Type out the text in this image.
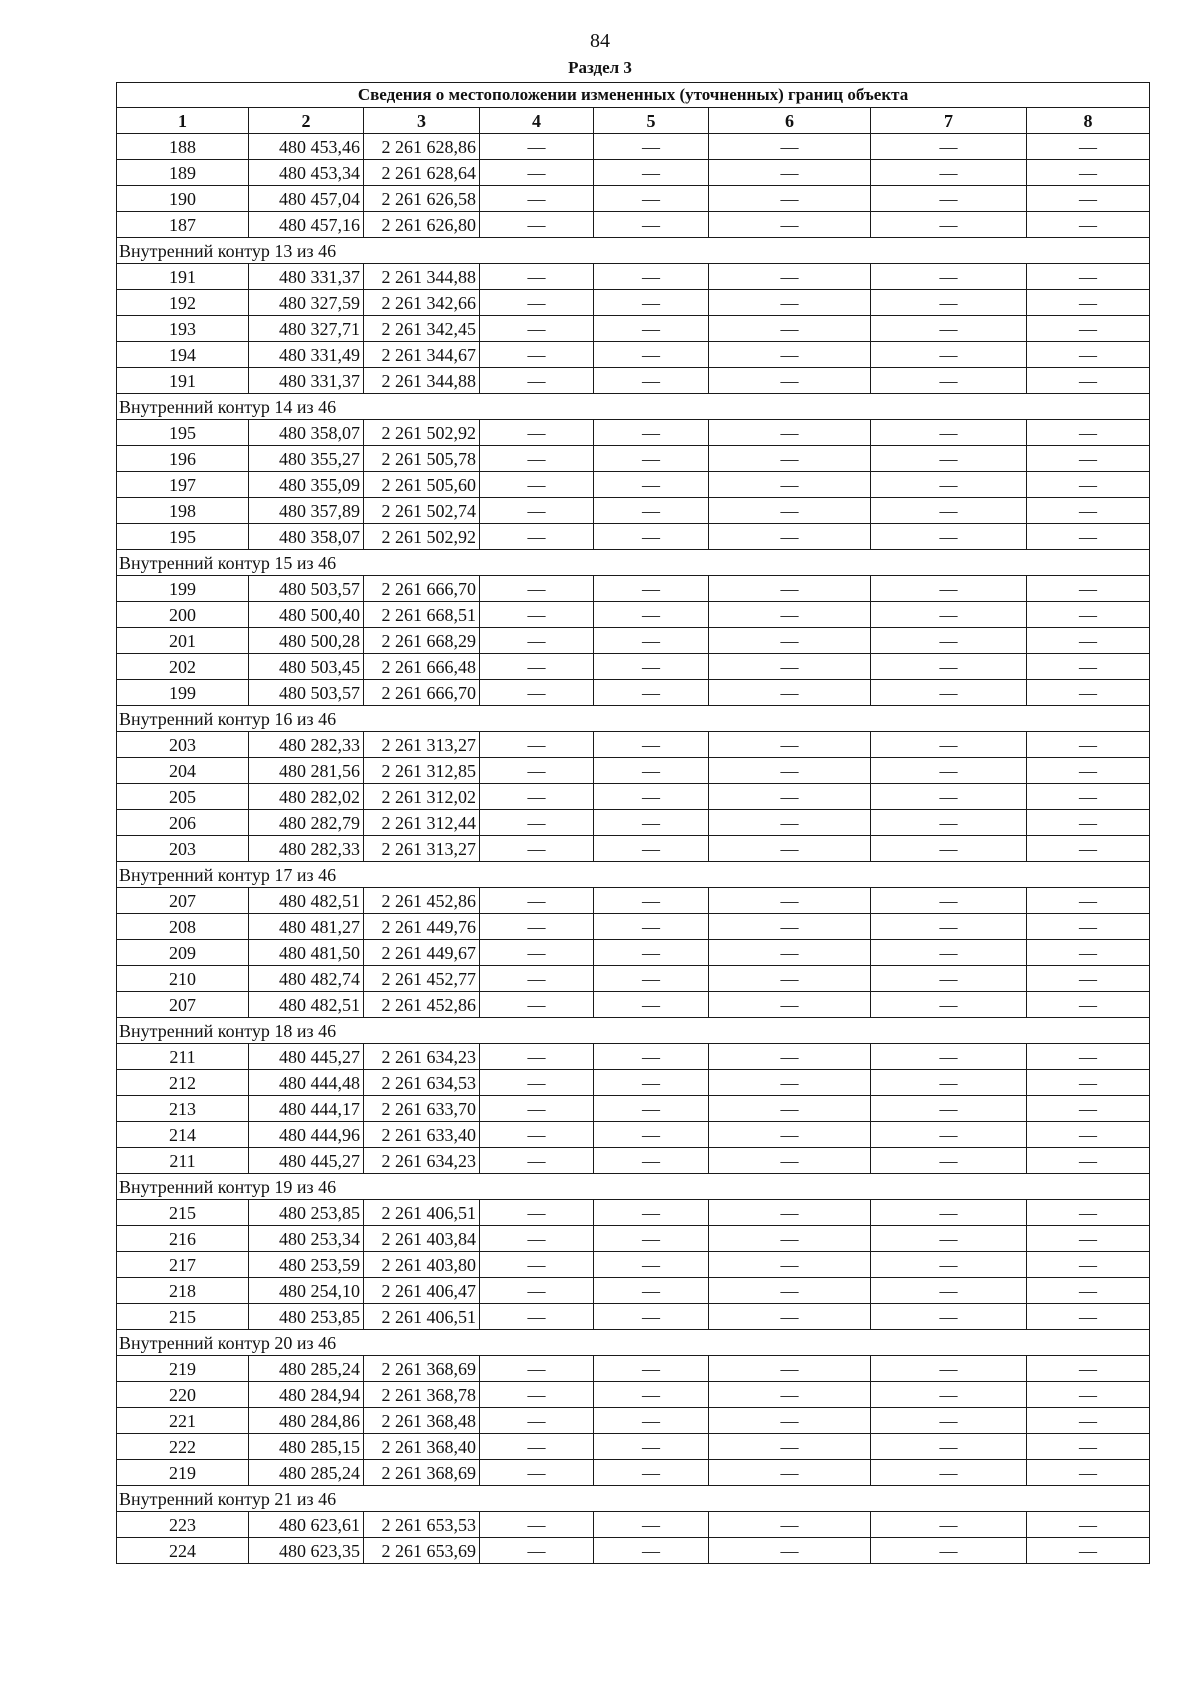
84
Раздел 3
Сведения о местоположении измененных (уточненных) границ объекта							
1	2	3	4	5	6	7	8
188	480 453,46	2 261 628,86	—	—	—	—	—
189	480 453,34	2 261 628,64	—	—	—	—	—
190	480 457,04	2 261 626,58	—	—	—	—	—
187	480 457,16	2 261 626,80	—	—	—	—	—
Внутренний контур 13 из 46							
191	480 331,37	2 261 344,88	—	—	—	—	—
192	480 327,59	2 261 342,66	—	—	—	—	—
193	480 327,71	2 261 342,45	—	—	—	—	—
194	480 331,49	2 261 344,67	—	—	—	—	—
191	480 331,37	2 261 344,88	—	—	—	—	—
Внутренний контур 14 из 46							
195	480 358,07	2 261 502,92	—	—	—	—	—
196	480 355,27	2 261 505,78	—	—	—	—	—
197	480 355,09	2 261 505,60	—	—	—	—	—
198	480 357,89	2 261 502,74	—	—	—	—	—
195	480 358,07	2 261 502,92	—	—	—	—	—
Внутренний контур 15 из 46							
199	480 503,57	2 261 666,70	—	—	—	—	—
200	480 500,40	2 261 668,51	—	—	—	—	—
201	480 500,28	2 261 668,29	—	—	—	—	—
202	480 503,45	2 261 666,48	—	—	—	—	—
199	480 503,57	2 261 666,70	—	—	—	—	—
Внутренний контур 16 из 46							
203	480 282,33	2 261 313,27	—	—	—	—	—
204	480 281,56	2 261 312,85	—	—	—	—	—
205	480 282,02	2 261 312,02	—	—	—	—	—
206	480 282,79	2 261 312,44	—	—	—	—	—
203	480 282,33	2 261 313,27	—	—	—	—	—
Внутренний контур 17 из 46							
207	480 482,51	2 261 452,86	—	—	—	—	—
208	480 481,27	2 261 449,76	—	—	—	—	—
209	480 481,50	2 261 449,67	—	—	—	—	—
210	480 482,74	2 261 452,77	—	—	—	—	—
207	480 482,51	2 261 452,86	—	—	—	—	—
Внутренний контур 18 из 46							
211	480 445,27	2 261 634,23	—	—	—	—	—
212	480 444,48	2 261 634,53	—	—	—	—	—
213	480 444,17	2 261 633,70	—	—	—	—	—
214	480 444,96	2 261 633,40	—	—	—	—	—
211	480 445,27	2 261 634,23	—	—	—	—	—
Внутренний контур 19 из 46							
215	480 253,85	2 261 406,51	—	—	—	—	—
216	480 253,34	2 261 403,84	—	—	—	—	—
217	480 253,59	2 261 403,80	—	—	—	—	—
218	480 254,10	2 261 406,47	—	—	—	—	—
215	480 253,85	2 261 406,51	—	—	—	—	—
Внутренний контур 20 из 46							
219	480 285,24	2 261 368,69	—	—	—	—	—
220	480 284,94	2 261 368,78	—	—	—	—	—
221	480 284,86	2 261 368,48	—	—	—	—	—
222	480 285,15	2 261 368,40	—	—	—	—	—
219	480 285,24	2 261 368,69	—	—	—	—	—
Внутренний контур 21 из 46							
223	480 623,61	2 261 653,53	—	—	—	—	—
224	480 623,35	2 261 653,69	—	—	—	—	—
